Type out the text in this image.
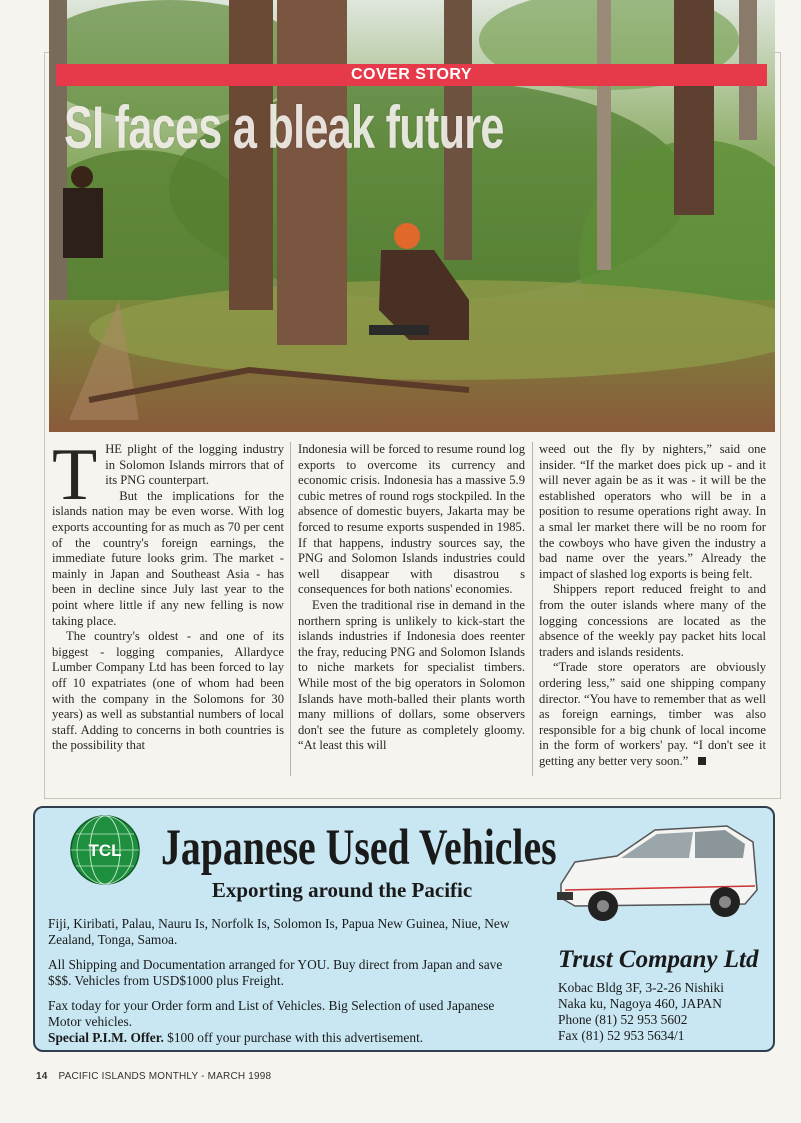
COVER STORY
SI faces a bleak future

THE plight of the logging industry in Solomon Islands mirrors that of its PNG counterpart.

But the implications for the islands nation may be even worse. With log exports accounting for as much as 70 per cent of the country's foreign earnings, the immediate future looks grim. The market - mainly in Japan and Southeast Asia - has been in decline since July last year to the point where little if any new felling is now taking place.

The country's oldest - and one of its biggest - logging companies, Allardyce Lumber Company Ltd has been forced to lay off 10 expatriates (one of whom had been with the company in the Solomons for 30 years) as well as substantial numbers of local staff. Adding to concerns in both countries is the possibility that

Indonesia will be forced to resume round log exports to overcome its currency and economic crisis. Indonesia has a massive 5.9 cubic metres of round rogs stockpiled. In the absence of domestic buyers, Jakarta may be forced to resume exports suspended in 1985. If that happens, industry sources say, the PNG and Solomon Islands industries could well disappear with disastrou s consequences for both nations' economies.

Even the traditional rise in demand in the northern spring is unlikely to kick-start the islands industries if Indonesia does reenter the fray, reducing PNG and Solomon Islands to niche markets for specialist timbers. While most of the big operators in Solomon Islands have moth-balled their plants worth many millions of dollars, some observers don't see the future as completely gloomy. “At least this will

weed out the fly by nighters,” said one insider. “If the market does pick up - and it will never again be as it was - it will be the established operators who will be in a position to resume operations right away. In a smal ler market there will be no room for the cowboys who have given the industry a bad name over the years.” Already the impact of slashed log exports is being felt.

Shippers report reduced freight to and from the outer islands where many of the logging concessions are located as the absence of the weekly pay packet hits local traders and islands residents.

“Trade store operators are obviously ordering less,” said one shipping company director. “You have to remember that as well as foreign earnings, timber was also responsible for a big chunk of local income in the form of workers' pay. “I don't see it getting any better very soon.”

TCL Japanese Used Vehicles
Exporting around the Pacific
Fiji, Kiribati, Palau, Nauru Is, Norfolk Is, Solomon Is, Papua New Guinea, Niue, New Zealand, Tonga, Samoa.
All Shipping and Documentation arranged for YOU. Buy direct from Japan and save $$$. Vehicles from USD$1000 plus Freight.
Fax today for your Order form and List of Vehicles. Big Selection of used Japanese Motor vehicles.
Special P.I.M. Offer. $100 off your purchase with this advertisement.
Trust Company Ltd
Kobac Bldg 3F, 3-2-26 Nishiki
Naka ku, Nagoya 460, JAPAN
Phone (81) 52 953 5602
Fax (81) 52 953 5634/1
14 PACIFIC ISLANDS MONTHLY - MARCH 1998
